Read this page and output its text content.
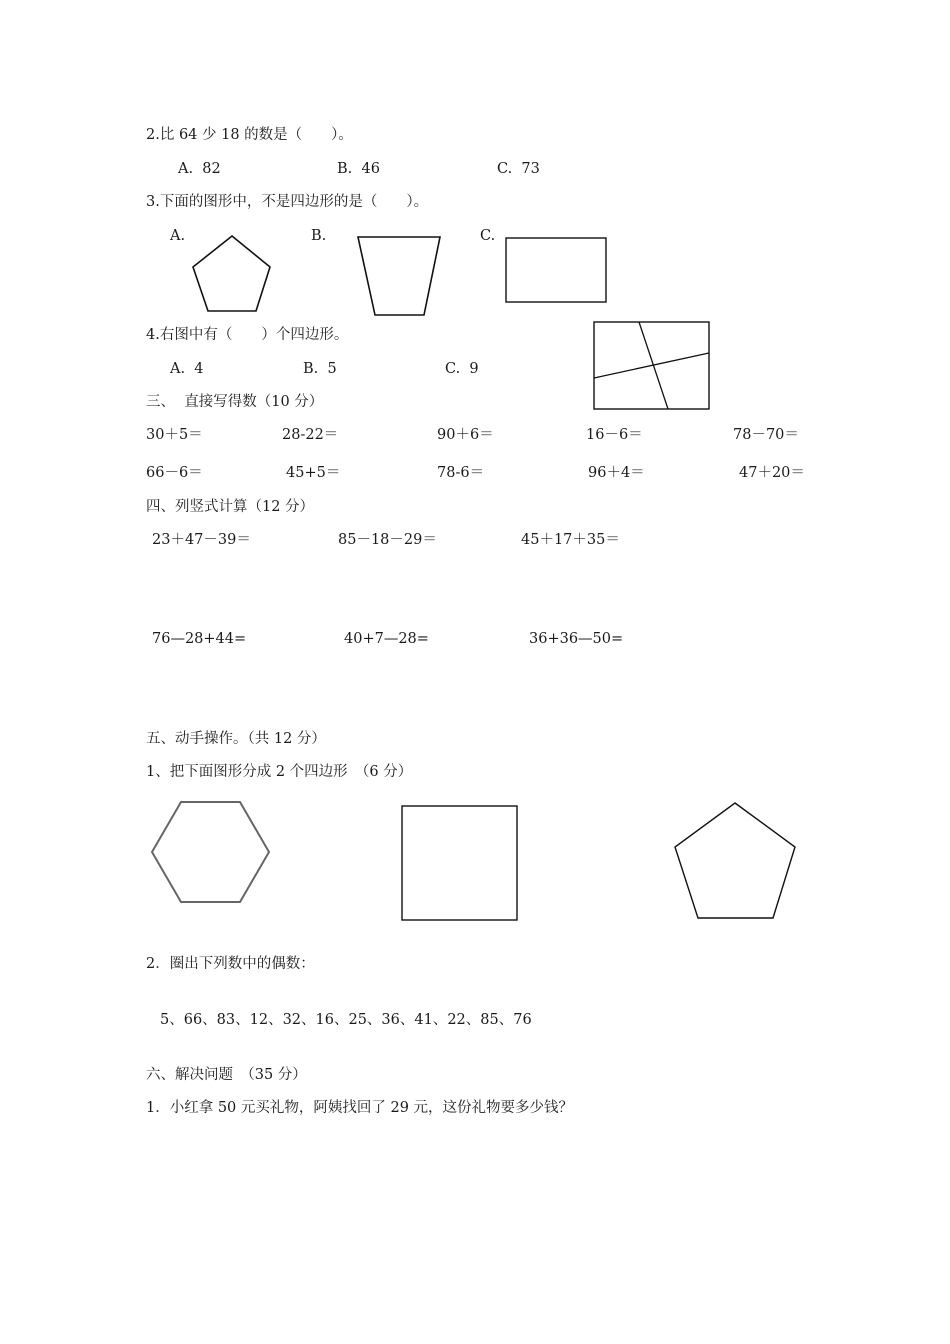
2.比 64 少 18 的数是（　　）。
A.  82	B.  46	C.  73
3.下面的图形中，不是四边形的是（　　）。
A.	B.	C.
4.右图中有（　　）个四边形。
A.  4	B.  5	C.  9
三、  直接写得数（10 分）
30＋5＝	28-22＝	90＋6＝	16－6＝	78－70＝
66－6＝	45+5＝	78-6＝	96＋4＝	47＋20＝
四、列竖式计算（12 分）
23＋47－39＝	85－18－29＝	45＋17＋35＝
76—28+44=	40+7—28=	36+36—50=
五、动手操作。（共 12 分）
1、把下面图形分成 2 个四边形　（6 分）
2．圈出下列数中的偶数：
5、66、83、12、32、16、25、36、41、22、85、76
六、解决问题　（35 分）
1．小红拿 50 元买礼物，阿姨找回了 29 元，这份礼物要多少钱？
